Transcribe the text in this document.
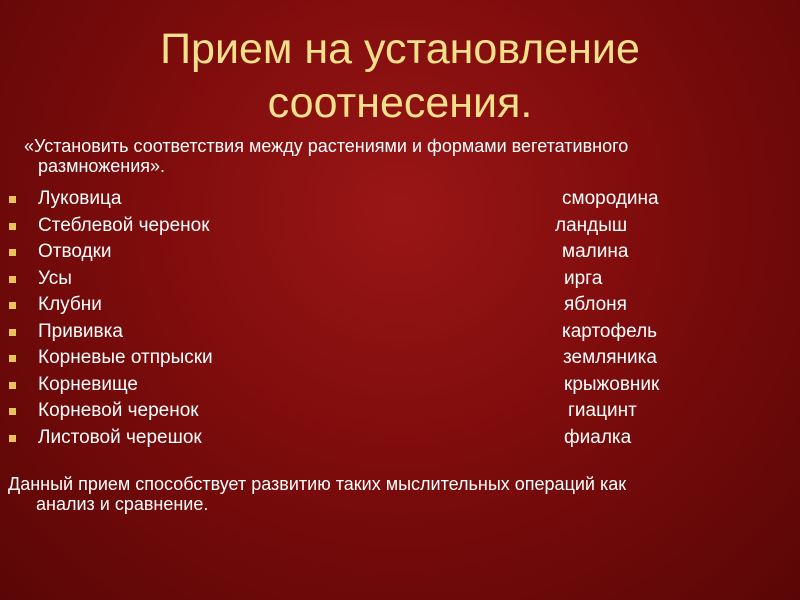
Прием на установление
соотнесения.
«Установить соответствия между растениями и формами вегетативного
размножения».
Луковица	смородина
Стеблевой черенок	ландыш
Отводки	малина
Усы	ирга
Клубни	яблоня
Прививка	картофель
Корневые отпрыски	земляника
Корневище	крыжовник
Корневой черенок	гиацинт
Листовой черешок	фиалка
Данный прием способствует развитию таких мыслительных операций как
анализ и сравнение.
